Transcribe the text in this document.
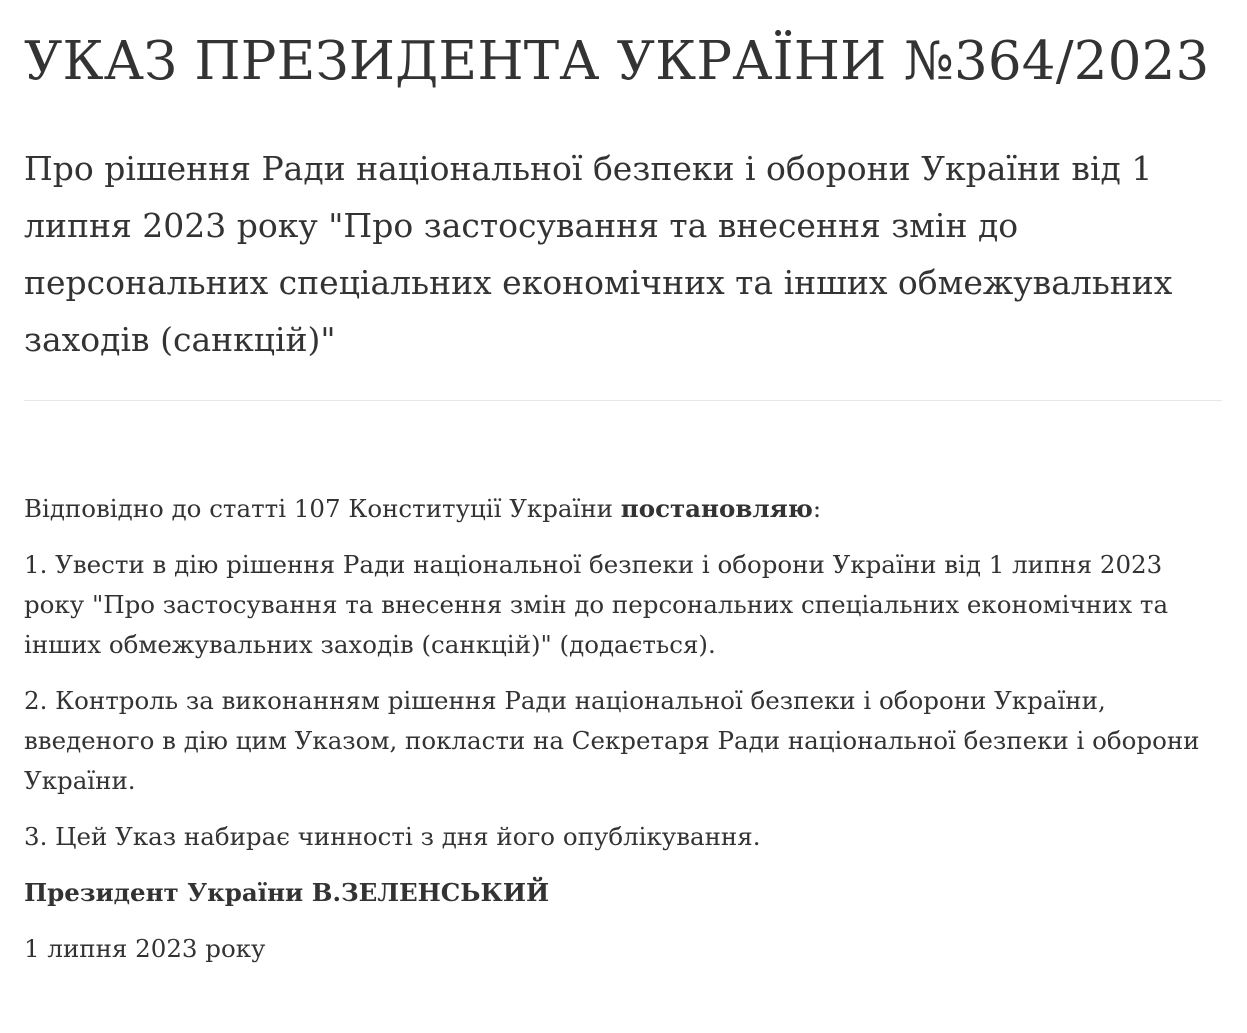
УКАЗ ПРЕЗИДЕНТА УКРАЇНИ №364/2023
Про рішення Ради національної безпеки і оборони України від 1 липня 2023 року "Про застосування та внесення змін до персональних спеціальних економічних та інших обмежувальних заходів (санкцій)"

Відповідно до статті 107 Конституції України постановляю:

1. Увести в дію рішення Ради національної безпеки і оборони України від 1 липня 2023 року "Про застосування та внесення змін до персональних спеціальних економічних та інших обмежувальних заходів (санкцій)" (додається).

2. Контроль за виконанням рішення Ради національної безпеки і оборони України, введеного в дію цим Указом, покласти на Секретаря Ради національної безпеки і оборони України.

3. Цей Указ набирає чинності з дня його опублікування.

Президент України В.ЗЕЛЕНСЬКИЙ

1 липня 2023 року
